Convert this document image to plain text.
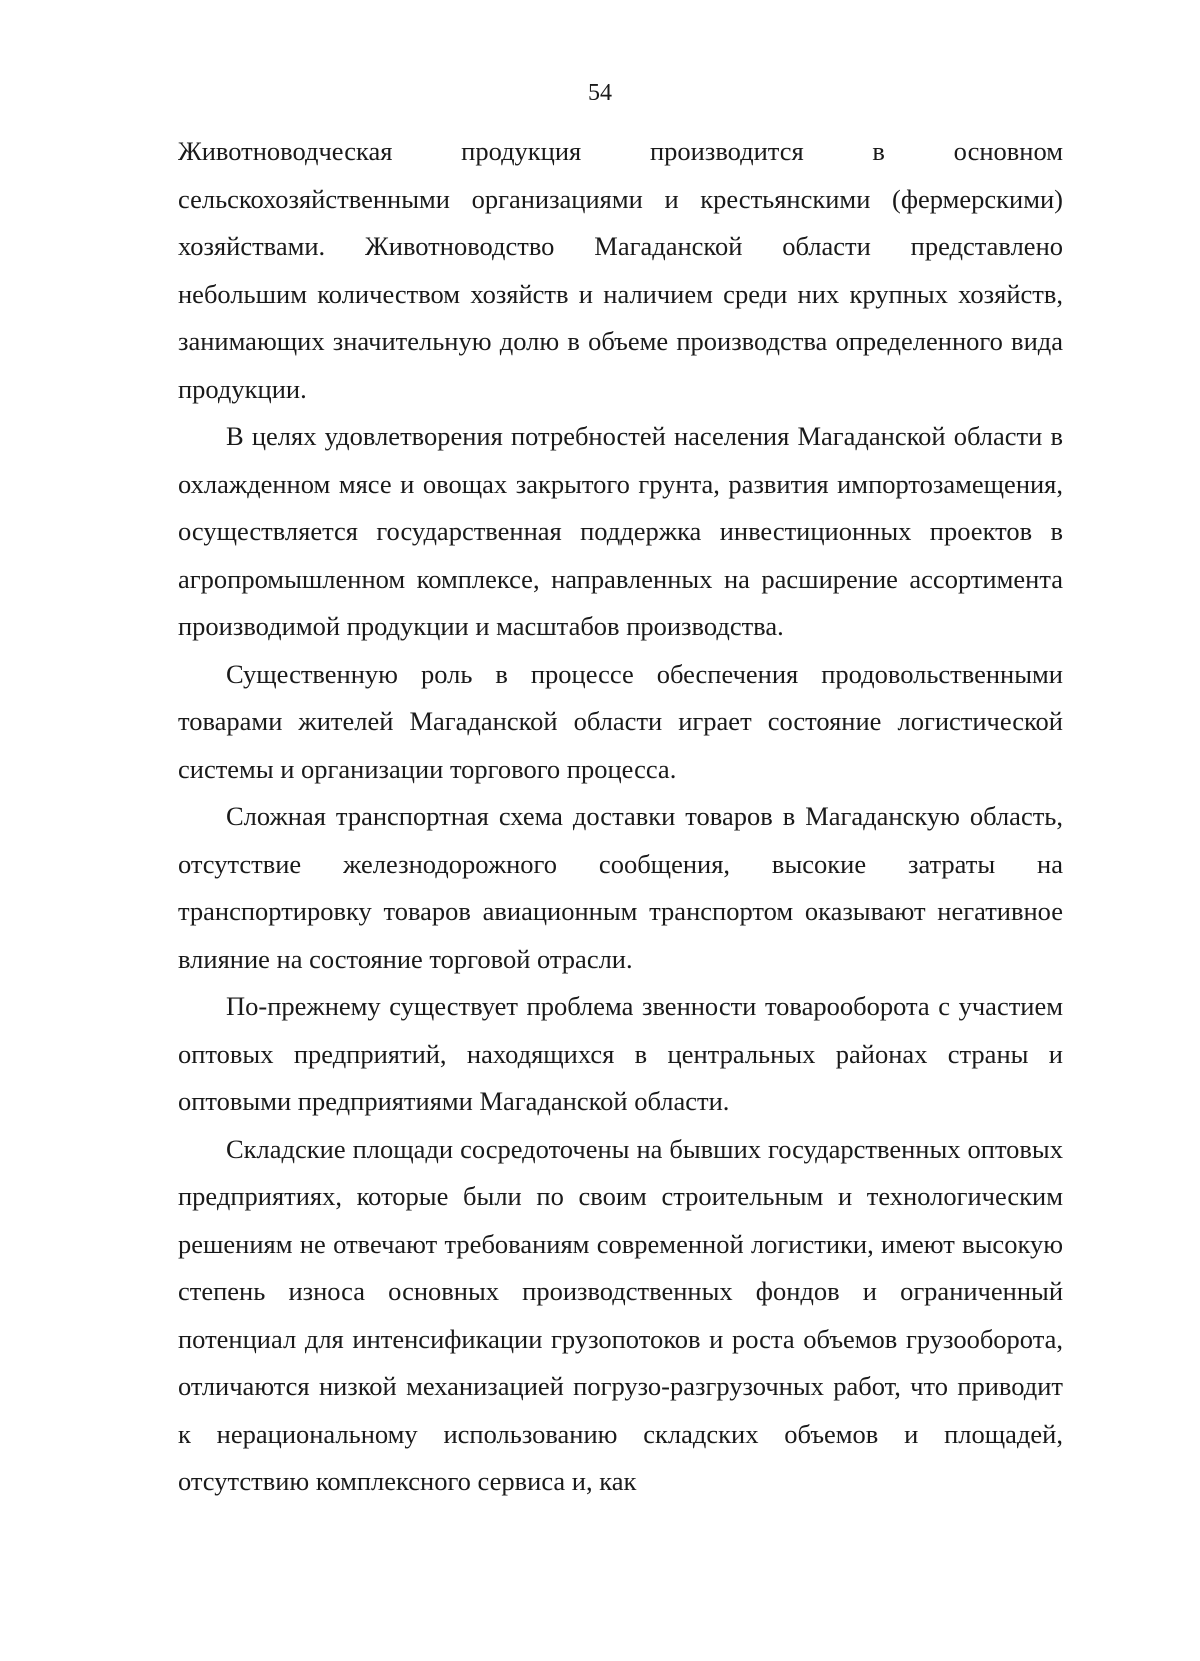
54

Животноводческая продукция производится в основном сельскохозяйственными организациями и крестьянскими (фермерскими) хозяйствами. Животноводство Магаданской области представлено небольшим количеством хозяйств и наличием среди них крупных хозяйств, занимающих значительную долю в объеме производства определенного вида продукции.

В целях удовлетворения потребностей населения Магаданской области в охлажденном мясе и овощах закрытого грунта, развития импортозамещения, осуществляется государственная поддержка инвестиционных проектов в агропромышленном комплексе, направленных на расширение ассортимента производимой продукции и масштабов производства.

Существенную роль в процессе обеспечения продовольственными товарами жителей Магаданской области играет состояние логистической системы и организации торгового процесса.

Сложная транспортная схема доставки товаров в Магаданскую область, отсутствие железнодорожного сообщения, высокие затраты на транспортировку товаров авиационным транспортом оказывают негативное влияние на состояние торговой отрасли.

По-прежнему существует проблема звенности товарооборота с участием оптовых предприятий, находящихся в центральных районах страны и оптовыми предприятиями Магаданской области.

Складские площади сосредоточены на бывших государственных оптовых предприятиях, которые были по своим строительным и технологическим решениям не отвечают требованиям современной логистики, имеют высокую степень износа основных производственных фондов и ограниченный потенциал для интенсификации грузопотоков и роста объемов грузооборота, отличаются низкой механизацией погрузо-разгрузочных работ, что приводит к нерациональному использованию складских объемов и площадей, отсутствию комплексного сервиса и, как
